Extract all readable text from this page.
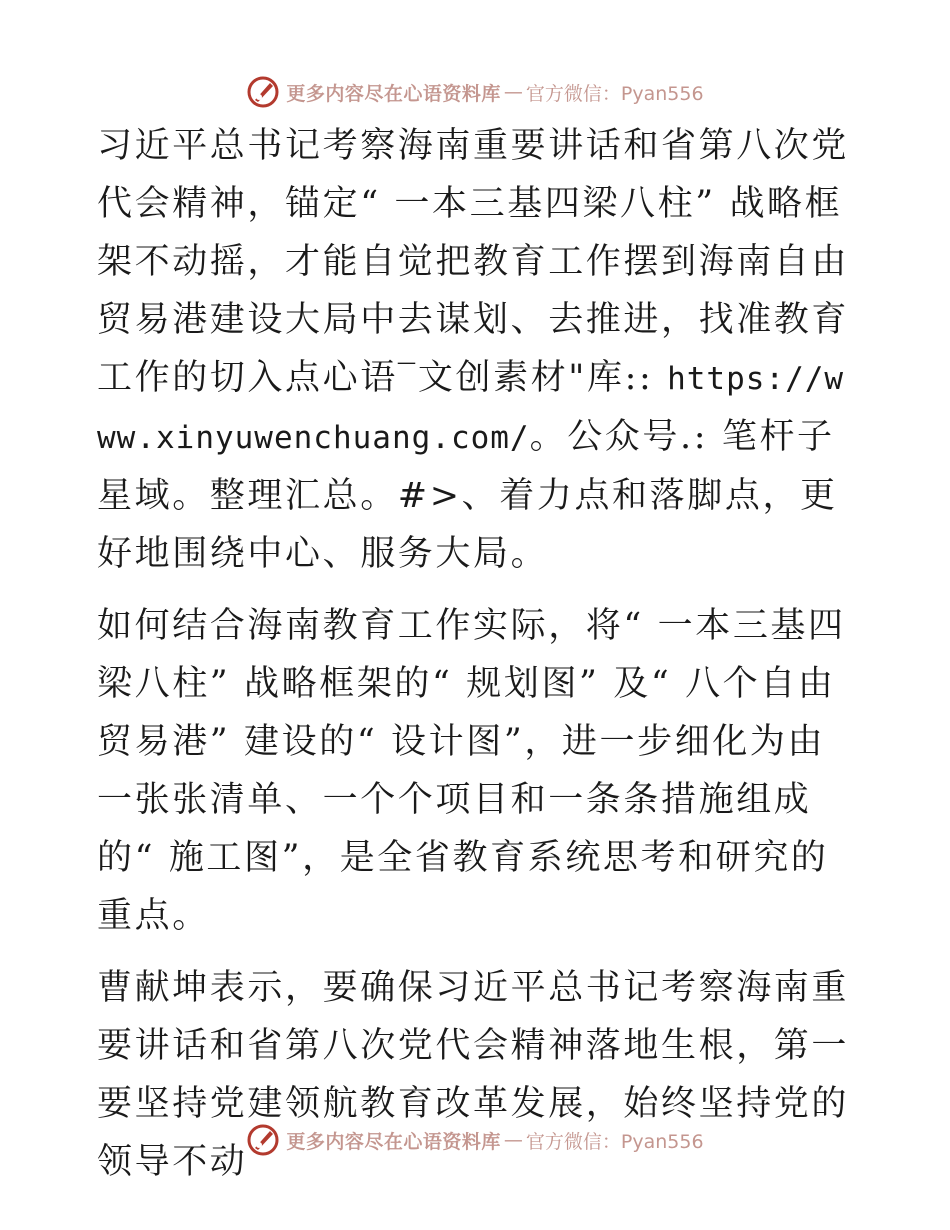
更多内容尽在心语资料库 — 官方微信：Pyan556

习近平总书记考察海南重要讲话和省第八次党代会精神，锚定“ 一本三基四梁八柱” 战略框架不动摇，才能自觉把教育工作摆到海南自由贸易港建设大局中去谋划、去推进，找准教育工作的切入点心语‾文创素材"库:: https://www.xinyuwenchuang.com/。公众号.: 笔杆子星域。整理汇总。#>、着力点和落脚点，更好地围绕中心、服务大局。

如何结合海南教育工作实际，将“ 一本三基四梁八柱” 战略框架的“ 规划图” 及“ 八个自由贸易港” 建设的“ 设计图”，进一步细化为由一张张清单、一个个项目和一条条措施组成的“ 施工图”，是全省教育系统思考和研究的重点。

曹献坤表示，要确保习近平总书记考察海南重要讲话和省第八次党代会精神落地生根，第一要坚持党建领航教育改革发展，始终坚持党的领导不动

更多内容尽在心语资料库 — 官方微信：Pyan556
